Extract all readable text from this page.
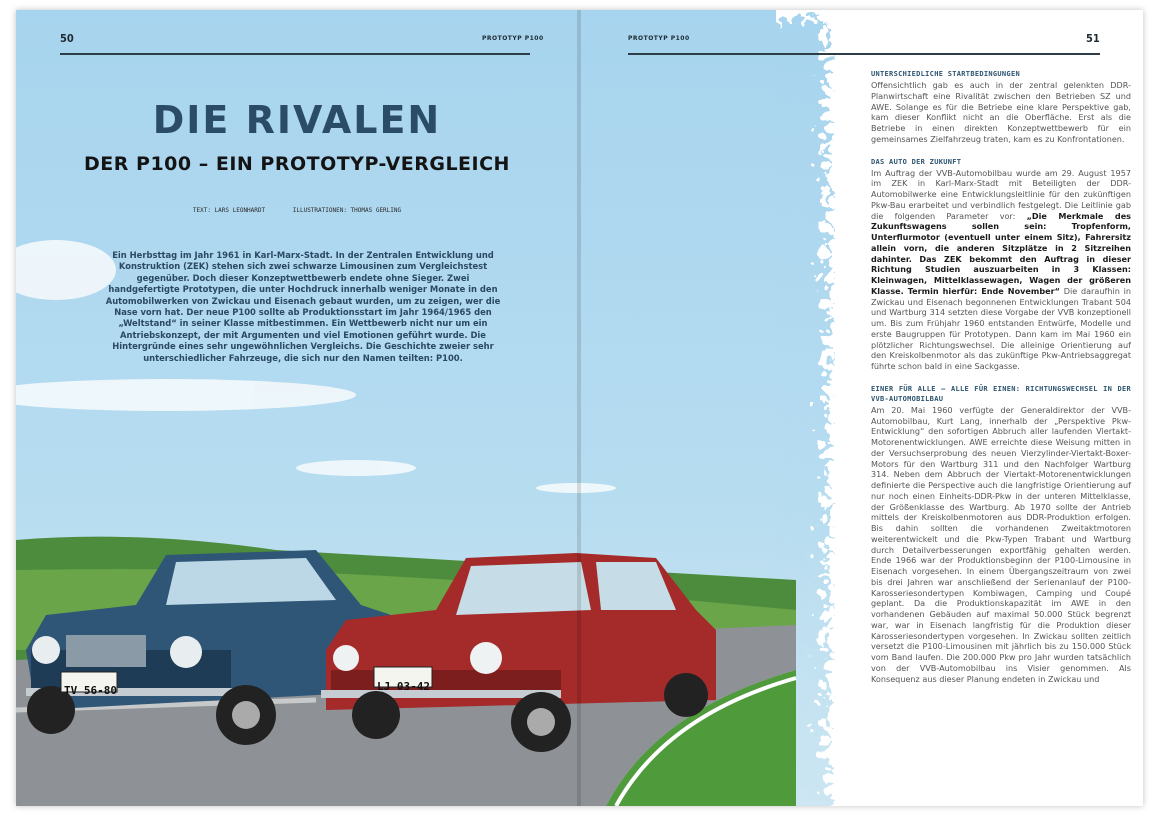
TV 56-80	LJ 03-42
50	PROTOTYP P100
DIE RIVALEN
DER P100 – EIN PROTOTYP-VERGLEICH
TEXT: LARS LEONHARDT	ILLUSTRATIONEN: THOMAS GERLING
Ein Herbsttag im Jahr 1961 in Karl-Marx-Stadt. In der Zentralen Entwicklung und Konstruktion (ZEK) stehen sich zwei schwarze Limousinen zum Vergleichstest gegenüber. Doch dieser Konzeptwettbewerb endete ohne Sieger. Zwei handgefertigte Prototypen, die unter Hochdruck innerhalb weniger Monate in den Automobilwerken von Zwickau und Eisenach gebaut wurden, um zu zeigen, wer die Nase vorn hat. Der neue P100 sollte ab Produktionsstart im Jahr 1964/1965 den „Weltstand“ in seiner Klasse mitbestimmen. Ein Wettbewerb nicht nur um ein Antriebskonzept, der mit Argumenten und viel Emotionen geführt wurde. Die Hintergründe eines sehr ungewöhnlichen Vergleichs. Die Geschichte zweier sehr unterschiedlicher Fahrzeuge, die sich nur den Namen teilten: P100.
PROTOTYP P100	51
UNTERSCHIEDLICHE STARTBEDINGUNGEN

Offensichtlich gab es auch in der zentral gelenkten DDR-Planwirtschaft eine Rivalität zwischen den Betrieben SZ und AWE. Solange es für die Betriebe eine klare Perspektive gab, kam dieser Konflikt nicht an die Oberfläche. Erst als die Betriebe in einen direkten Konzeptwettbewerb für ein gemeinsames Zielfahrzeug traten, kam es zu Konfrontationen.

DAS AUTO DER ZUKUNFT

Im Auftrag der VVB-Automobilbau wurde am 29. August 1957 im ZEK in Karl-Marx-Stadt mit Beteiligten der DDR-Automobilwerke eine Entwicklungsleitlinie für den zukünftigen Pkw-Bau erarbeitet und verbindlich festgelegt. Die Leitlinie gab die folgenden Parameter vor: „Die Merkmale des Zukunftswagens sollen sein: Tropfenform, Unterflurmotor (eventuell unter einem Sitz), Fahrersitz allein vorn, die anderen Sitzplätze in 2 Sitzreihen dahinter. Das ZEK bekommt den Auftrag in dieser Richtung Studien auszuarbeiten in 3 Klassen: Kleinwagen, Mittelklassewagen, Wagen der größeren Klasse. Termin hierfür: Ende November“ Die daraufhin in Zwickau und Eisenach begonnenen Entwicklungen Trabant 504 und Wartburg 314 setzten diese Vorgabe der VVB konzeptionell um. Bis zum Frühjahr 1960 entstanden Entwürfe, Modelle und erste Baugruppen für Prototypen. Dann kam im Mai 1960 ein plötzlicher Richtungswechsel. Die alleinige Orientierung auf den Kreiskolbenmotor als das zukünftige Pkw-Antriebsaggregat führte schon bald in eine Sackgasse.

EINER FÜR ALLE – ALLE FÜR EINEN: RICHTUNGSWECHSEL IN DER VVB-AUTOMOBILBAU

Am 20. Mai 1960 verfügte der Generaldirektor der VVB-Automobilbau, Kurt Lang, innerhalb der „Perspektive Pkw-Entwicklung“ den sofortigen Abbruch aller laufenden Viertakt-Motorenentwicklungen. AWE erreichte diese Weisung mitten in der Versuchserprobung des neuen Vierzylinder-Viertakt-Boxer-Motors für den Wartburg 311 und den Nachfolger Wartburg 314. Neben dem Abbruch der Viertakt-Motorenentwicklungen definierte die Perspective auch die langfristige Orientierung auf nur noch einen Einheits-DDR-Pkw in der unteren Mittelklasse, der Größenklasse des Wartburg. Ab 1970 sollte der Antrieb mittels der Kreiskolbenmotoren aus DDR-Produktion erfolgen. Bis dahin sollten die vorhandenen Zweitaktmotoren weiterentwickelt und die Pkw-Typen Trabant und Wartburg durch Detailverbesserungen exportfähig gehalten werden. Ende 1966 war der Produktionsbeginn der P100-Limousine in Eisenach vorgesehen. In einem Übergangszeitraum von zwei bis drei Jahren war anschließend der Serienanlauf der P100-Karosseriesondertypen Kombiwagen, Camping und Coupé geplant. Da die Produktionskapazität im AWE in den vorhandenen Gebäuden auf maximal 50.000 Stück begrenzt war, war in Eisenach langfristig für die Produktion dieser Karosseriesondertypen vorgesehen. In Zwickau sollten zeitlich versetzt die P100-Limousinen mit jährlich bis zu 150.000 Stück vom Band laufen. Die 200.000 Pkw pro Jahr wurden tatsächlich von der VVB-Automobilbau ins Visier genommen. Als Konsequenz aus dieser Planung endeten in Zwickau und
